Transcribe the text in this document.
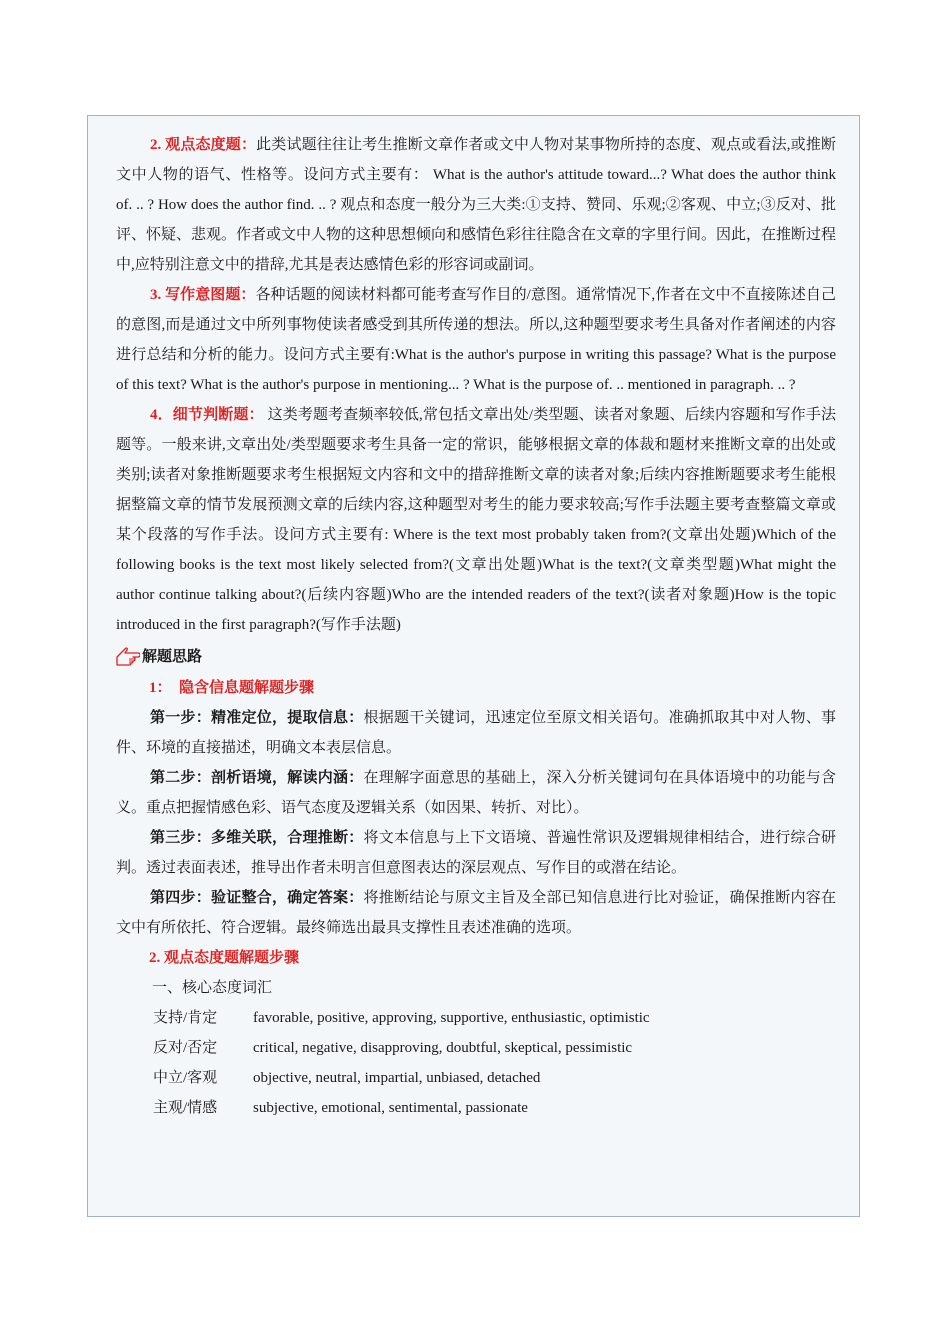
2. 观点态度题：此类试题往往让考生推断文章作者或文中人物对某事物所持的态度、观点或看法,或推断文中人物的语气、性格等。设问方式主要有： What is the author's attitude toward...? What does the author think of. .. ? How does the author find. .. ? 观点和态度一般分为三大类:①支持、赞同、乐观;②客观、中立;③反对、批评、怀疑、悲观。作者或文中人物的这种思想倾向和感情色彩往往隐含在文章的字里行间。因此，在推断过程中,应特别注意文中的措辞,尤其是表达感情色彩的形容词或副词。

3. 写作意图题：各种话题的阅读材料都可能考查写作目的/意图。通常情况下,作者在文中不直接陈述自己的意图,而是通过文中所列事物使读者感受到其所传递的想法。所以,这种题型要求考生具备对作者阐述的内容进行总结和分析的能力。设问方式主要有:What is the author's purpose in writing this passage? What is the purpose of this text? What is the author's purpose in mentioning... ? What is the purpose of. .. mentioned in paragraph. .. ?

4．细节判断题： 这类考题考查频率较低,常包括文章出处/类型题、读者对象题、后续内容题和写作手法题等。一般来讲,文章出处/类型题要求考生具备一定的常识，能够根据文章的体裁和题材来推断文章的出处或类别;读者对象推断题要求考生根据短文内容和文中的措辞推断文章的读者对象;后续内容推断题要求考生能根据整篇文章的情节发展预测文章的后续内容,这种题型对考生的能力要求较高;写作手法题主要考查整篇文章或某个段落的写作手法。设问方式主要有: Where is the text most probably taken from?(文章出处题)Which of the following books is the text most likely selected from?(文章出处题)What is the text?(文章类型题)What might the author continue talking about?(后续内容题)Who are the intended readers of the text?(读者对象题)How is the topic introduced in the first paragraph?(写作手法题)

解题思路
1：  隐含信息题解题步骤

第一步：精准定位，提取信息：根据题干关键词，迅速定位至原文相关语句。准确抓取其中对人物、事件、环境的直接描述，明确文本表层信息。

第二步：剖析语境，解读内涵：在理解字面意思的基础上，深入分析关键词句在具体语境中的功能与含义。重点把握情感色彩、语气态度及逻辑关系（如因果、转折、对比）。

第三步：多维关联，合理推断：将文本信息与上下文语境、普遍性常识及逻辑规律相结合，进行综合研判。透过表面表述，推导出作者未明言但意图表达的深层观点、写作目的或潜在结论。

第四步：验证整合，确定答案：将推断结论与原文主旨及全部已知信息进行比对验证，确保推断内容在文中有所依托、符合逻辑。最终筛选出最具支撑性且表述准确的选项。

2. 观点态度题解题步骤
一、核心态度词汇
支持/肯定	favorable, positive, approving, supportive, enthusiastic, optimistic
反对/否定	critical, negative, disapproving, doubtful, skeptical, pessimistic
中立/客观	objective, neutral, impartial, unbiased, detached
主观/情感	subjective, emotional, sentimental, passionate
